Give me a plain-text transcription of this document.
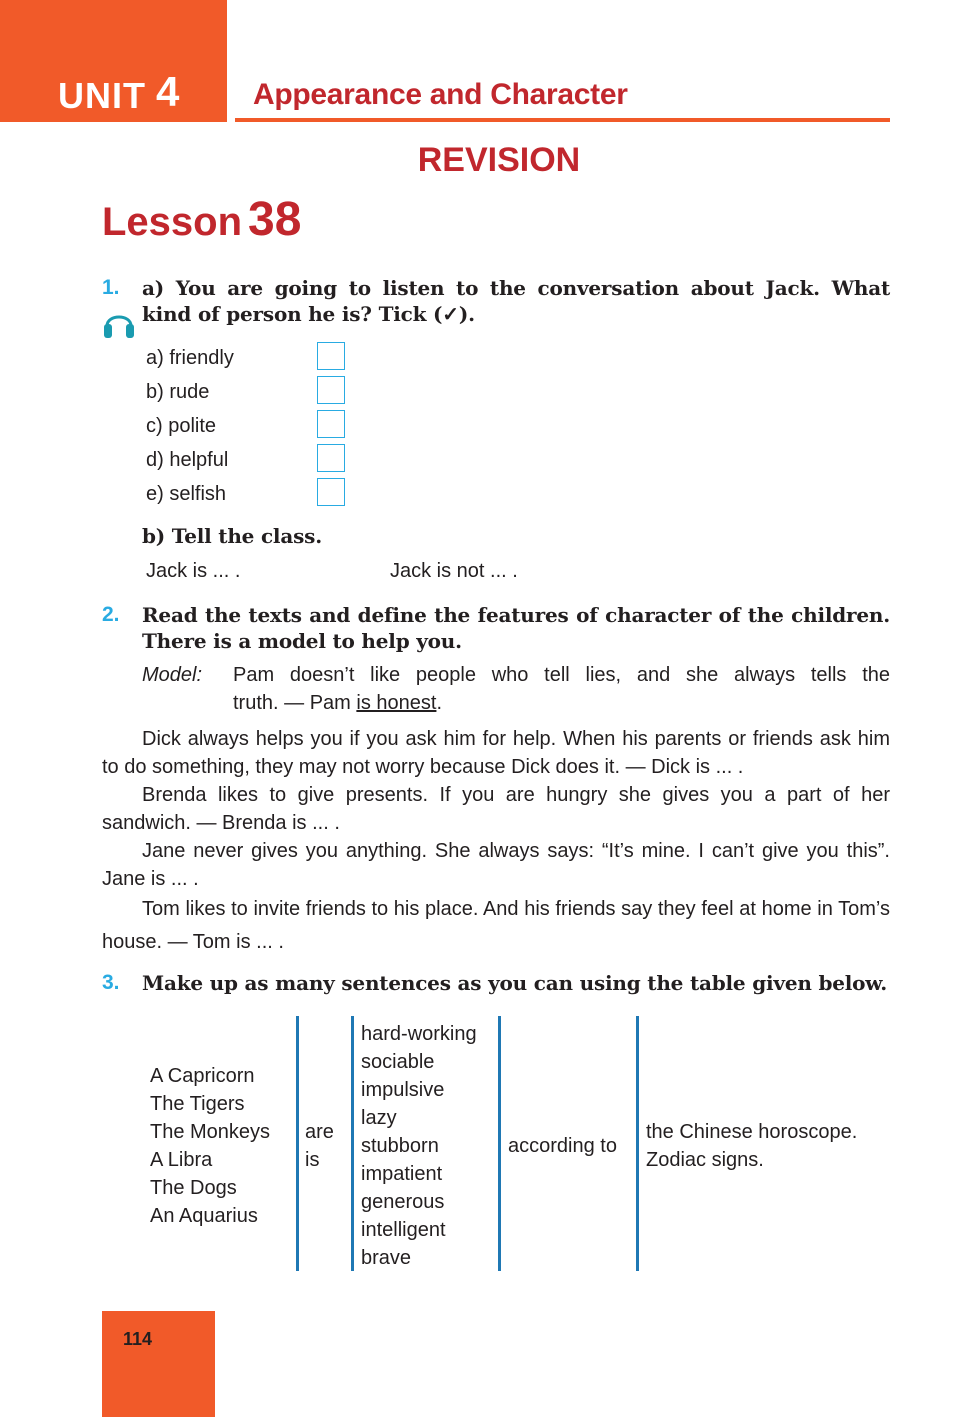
UNIT 4 Appearance and Character
REVISION
Lesson 38
1. a) You are going to listen to the conversation about Jack. What
kind of person he is? Tick (✓).
a) friendly
b) rude
c) polite
d) helpful
e) selfish
b) Tell the class.
Jack is ... .	Jack is not ... .
2. Read the texts and define the features of character of the children.
There is a model to help you.
Model: Pam doesn’t like people who tell lies, and she always tells the
truth. — Pam is honest.
Dick always helps you if you ask him for help. When his parents or friends ask him to do something, they may not worry because Dick does it. — Dick is ... .
Brenda likes to give presents. If you are hungry she gives you a part of her sandwich. — Brenda is ... .
Jane never gives you anything. She always says: “It’s mine. I can’t give you this”. Jane is ... .
Tom likes to invite friends to his place. And his friends say they feel at home in Tom’s house. — Tom is ... .
3. Make up as many sentences as you can using the table given below.
A Capricorn
The Tigers
The Monkeys
A Libra
The Dogs
An Aquarius
are
is
hard-working
sociable
impulsive
lazy
stubborn
impatient
generous
intelligent
brave
according to
the Chinese horoscope.
Zodiac signs.
114
